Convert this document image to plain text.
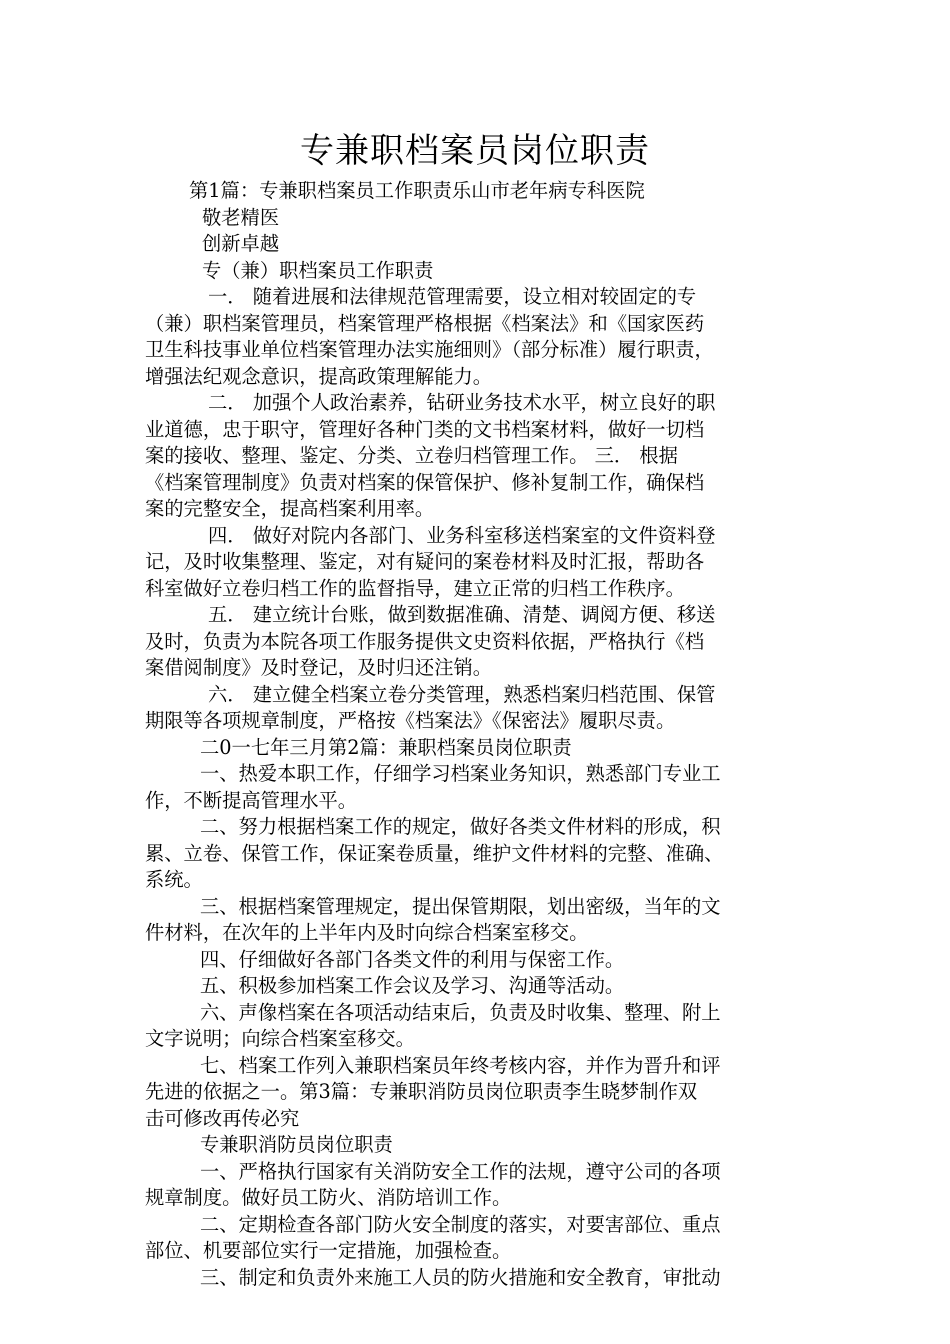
专兼职档案员岗位职责
第1篇：专兼职档案员工作职责乐山市老年病专科医院
敬老精医
创新卓越
专（兼）职档案员工作职责
一． 随着进展和法律规范管理需要，设立相对较固定的专
（兼）职档案管理员，档案管理严格根据《档案法》和《国家医药
卫生科技事业单位档案管理办法实施细则》（部分标准）履行职责，
增强法纪观念意识，提高政策理解能力。
二． 加强个人政治素养，钻研业务技术水平，树立良好的职
业道德，忠于职守，管理好各种门类的文书档案材料，做好一切档
案的接收、整理、鉴定、分类、立卷归档管理工作。 三． 根据
《档案管理制度》负责对档案的保管保护、修补复制工作，确保档
案的完整安全，提高档案利用率。
四． 做好对院内各部门、业务科室移送档案室的文件资料登
记，及时收集整理、鉴定，对有疑问的案卷材料及时汇报，帮助各
科室做好立卷归档工作的监督指导，建立正常的归档工作秩序。
五． 建立统计台账，做到数据准确、清楚、调阅方便、移送
及时，负责为本院各项工作服务提供文史资料依据，严格执行《档
案借阅制度》及时登记，及时归还注销。
六． 建立健全档案立卷分类管理，熟悉档案归档范围、保管
期限等各项规章制度，严格按《档案法》《保密法》履职尽责。
二0一七年三月第2篇：兼职档案员岗位职责
一、热爱本职工作，仔细学习档案业务知识，熟悉部门专业工
作，不断提高管理水平。
二、努力根据档案工作的规定，做好各类文件材料的形成，积
累、立卷、保管工作，保证案卷质量，维护文件材料的完整、准确、
系统。
三、根据档案管理规定，提出保管期限，划出密级，当年的文
件材料，在次年的上半年内及时向综合档案室移交。
四、仔细做好各部门各类文件的利用与保密工作。
五、积极参加档案工作会议及学习、沟通等活动。
六、声像档案在各项活动结束后，负责及时收集、整理、附上
文字说明；向综合档案室移交。
七、档案工作列入兼职档案员年终考核内容，并作为晋升和评
先进的依据之一。第3篇：专兼职消防员岗位职责李生晓梦制作双
击可修改再传必究
专兼职消防员岗位职责
一、严格执行国家有关消防安全工作的法规，遵守公司的各项
规章制度。做好员工防火、消防培训工作。
二、定期检查各部门防火安全制度的落实，对要害部位、重点
部位、机要部位实行一定措施，加强检查。
三、制定和负责外来施工人员的防火措施和安全教育，审批动
